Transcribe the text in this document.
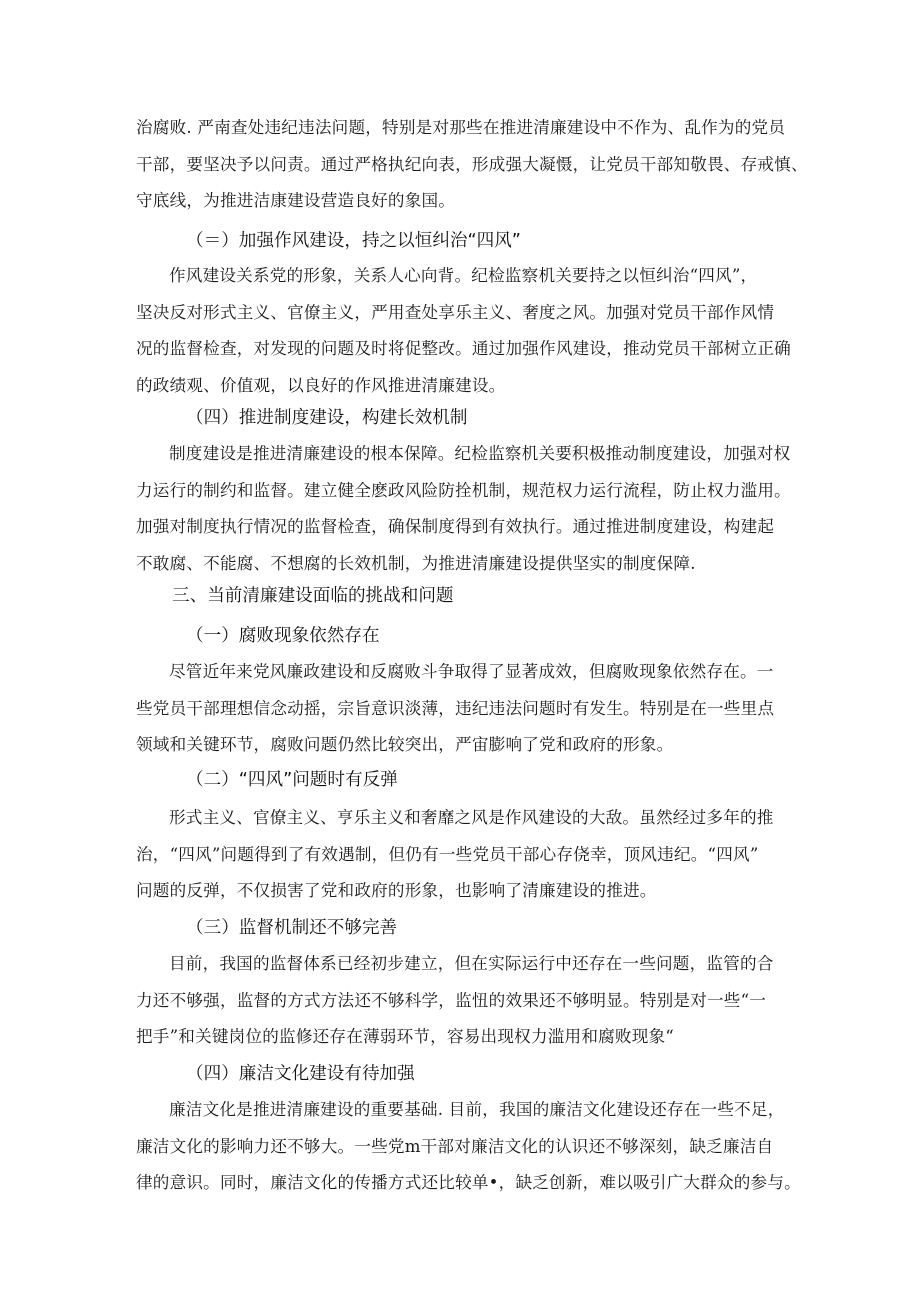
治腐败. 严南查处违纪违法问题，特别是对那些在推进清廉建设中不作为、乱作为的党员
干部，要坚决予以问责。通过严格执纪向表，形成强大凝慑，让党员干部知敬畏、存戒慎、
守底线，为推进洁康建设营造良好的象国。
（＝）加强作风建设，持之以恒纠治“四风”
作风建设关系党的形象，关系人心向背。纪检监察机关要持之以恒纠治“四风”，
坚决反对形式主义、官僚主义，严用查处享乐主义、奢度之风。加强对党员干部作风情
况的监督检查，对发现的问题及时将促整改。通过加强作风建设，推动党员干部树立正确
的政绩观、价值观，以良好的作风推进清廉建设。
（四）推进制度建设，构建长效机制
制度建设是推进清廉建设的根本保障。纪检监察机关要积极推动制度建设，加强对权
力运行的制约和监督。建立健全麽政风险防拴机制，规范权力运行流程，防止权力滥用。
加强对制度执行情况的监督检查，确保制度得到有效执行。通过推进制度建设，构建起
不敢腐、不能腐、不想腐的长效机制，为推进清廉建设提供坚实的制度保障.
三、当前清廉建设面临的挑战和问题
（一）腐败现象依然存在
尽管近年来党风廉政建设和反腐败斗争取得了显著成效，但腐败现象依然存在。一
些党员干部理想信念动摇，宗旨意识淡薄，违纪违法问题时有发生。特别是在一些里点
领域和关键环节，腐败问题仍然比较突出，严宙膨响了党和政府的形象。
（二）“四风”问题时有反弹
形式主义、官僚主义、亨乐主义和奢靡之风是作风建设的大敌。虽然经过多年的推
治，“四风”问题得到了有效遇制，但仍有一些党员干部心存侥幸，顶风违纪。“四风”
问题的反弹，不仅损害了党和政府的形象，也影响了清廉建设的推进。
（三）监督机制还不够完善
目前，我国的监督体系已经初步建立，但在实际运行中还存在一些问题，监管的合
力还不够强，监督的方式方法还不够科学，监忸的效果还不够明显。特别是对一些“一
把手”和关键岗位的监修还存在薄弱环节，容易出现权力滥用和腐败现象“
（四）廉洁文化建设有待加强
廉洁文化是推进清廉建设的重要基础. 目前，我国的廉洁文化建设还存在一些不足，
廉洁文化的影响力还不够大。一些党m干部对廉洁文化的认识还不够深刻，缺乏廉洁自
律的意识。同时，廉洁文化的传播方式还比较单•，缺乏创新，难以吸引广大群众的参与。
